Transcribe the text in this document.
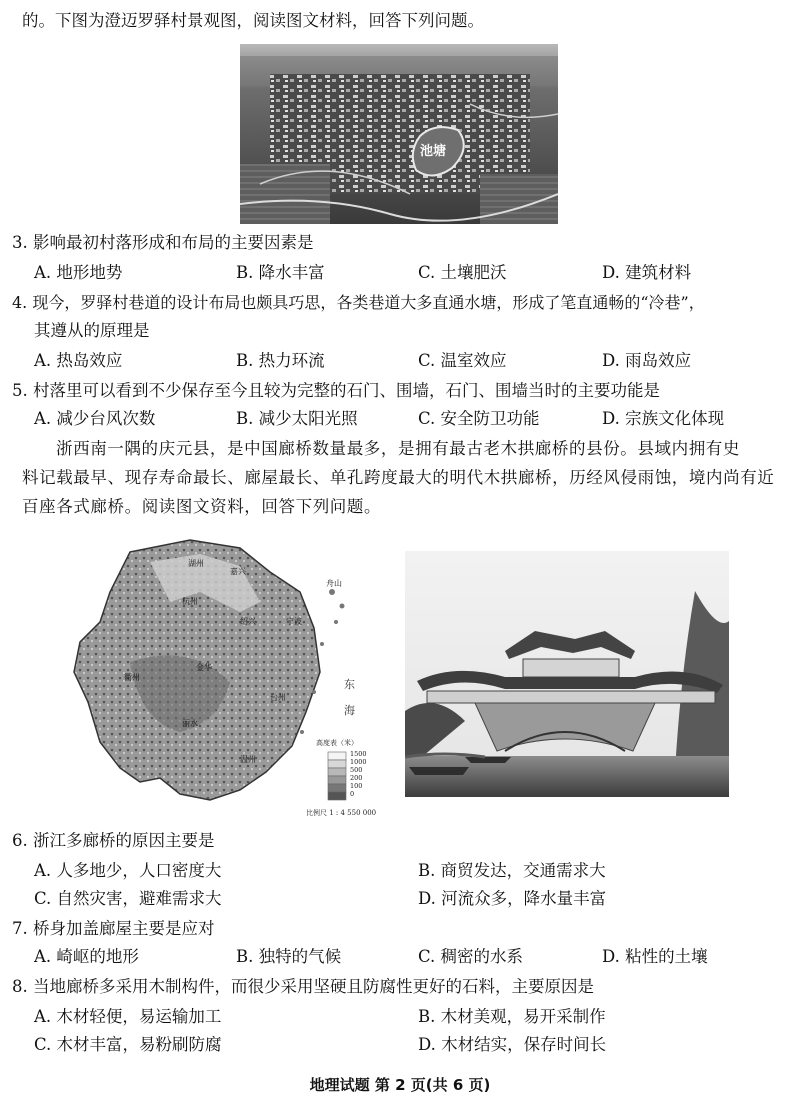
的。下图为澄迈罗驿村景观图，阅读图文材料，回答下列问题。
池塘
3. 影响最初村落形成和布局的主要因素是
A. 地形地势	B. 降水丰富	C. 土壤肥沃	D. 建筑材料
4. 现今，罗驿村巷道的设计布局也颇具巧思，各类巷道大多直通水塘，形成了笔直通畅的“冷巷”，
其遵从的原理是
A. 热岛效应	B. 热力环流	C. 温室效应	D. 雨岛效应
5. 村落里可以看到不少保存至今且较为完整的石门、围墙，石门、围墙当时的主要功能是
A. 减少台风次数	B. 减少太阳光照	C. 安全防卫功能	D. 宗族文化体现
浙西南一隅的庆元县，是中国廊桥数量最多，是拥有最古老木拱廊桥的县份。县域内拥有史
料记载最早、现存寿命最长、廊屋最长、单孔跨度最大的明代木拱廊桥，历经风侵雨蚀，境内尚有近
百座各式廊桥。阅读图文资料，回答下列问题。
东 海
高度表（米）
1500
1000
500
200
100
0
比例尺 1 : 4 550 000
湖州
嘉兴
杭州
绍兴	宁波
舟山
金华
衢州
台州
丽水
温州
6. 浙江多廊桥的原因主要是
A. 人多地少，人口密度大	B. 商贸发达，交通需求大
C. 自然灾害，避难需求大	D. 河流众多，降水量丰富
7. 桥身加盖廊屋主要是应对
A. 崎岖的地形	B. 独特的气候	C. 稠密的水系	D. 粘性的土壤
8. 当地廊桥多采用木制构件，而很少采用坚硬且防腐性更好的石料，主要原因是
A. 木材轻便，易运输加工	B. 木材美观，易开采制作
C. 木材丰富，易粉刷防腐	D. 木材结实，保存时间长
地理试题 第 2 页(共 6 页)
